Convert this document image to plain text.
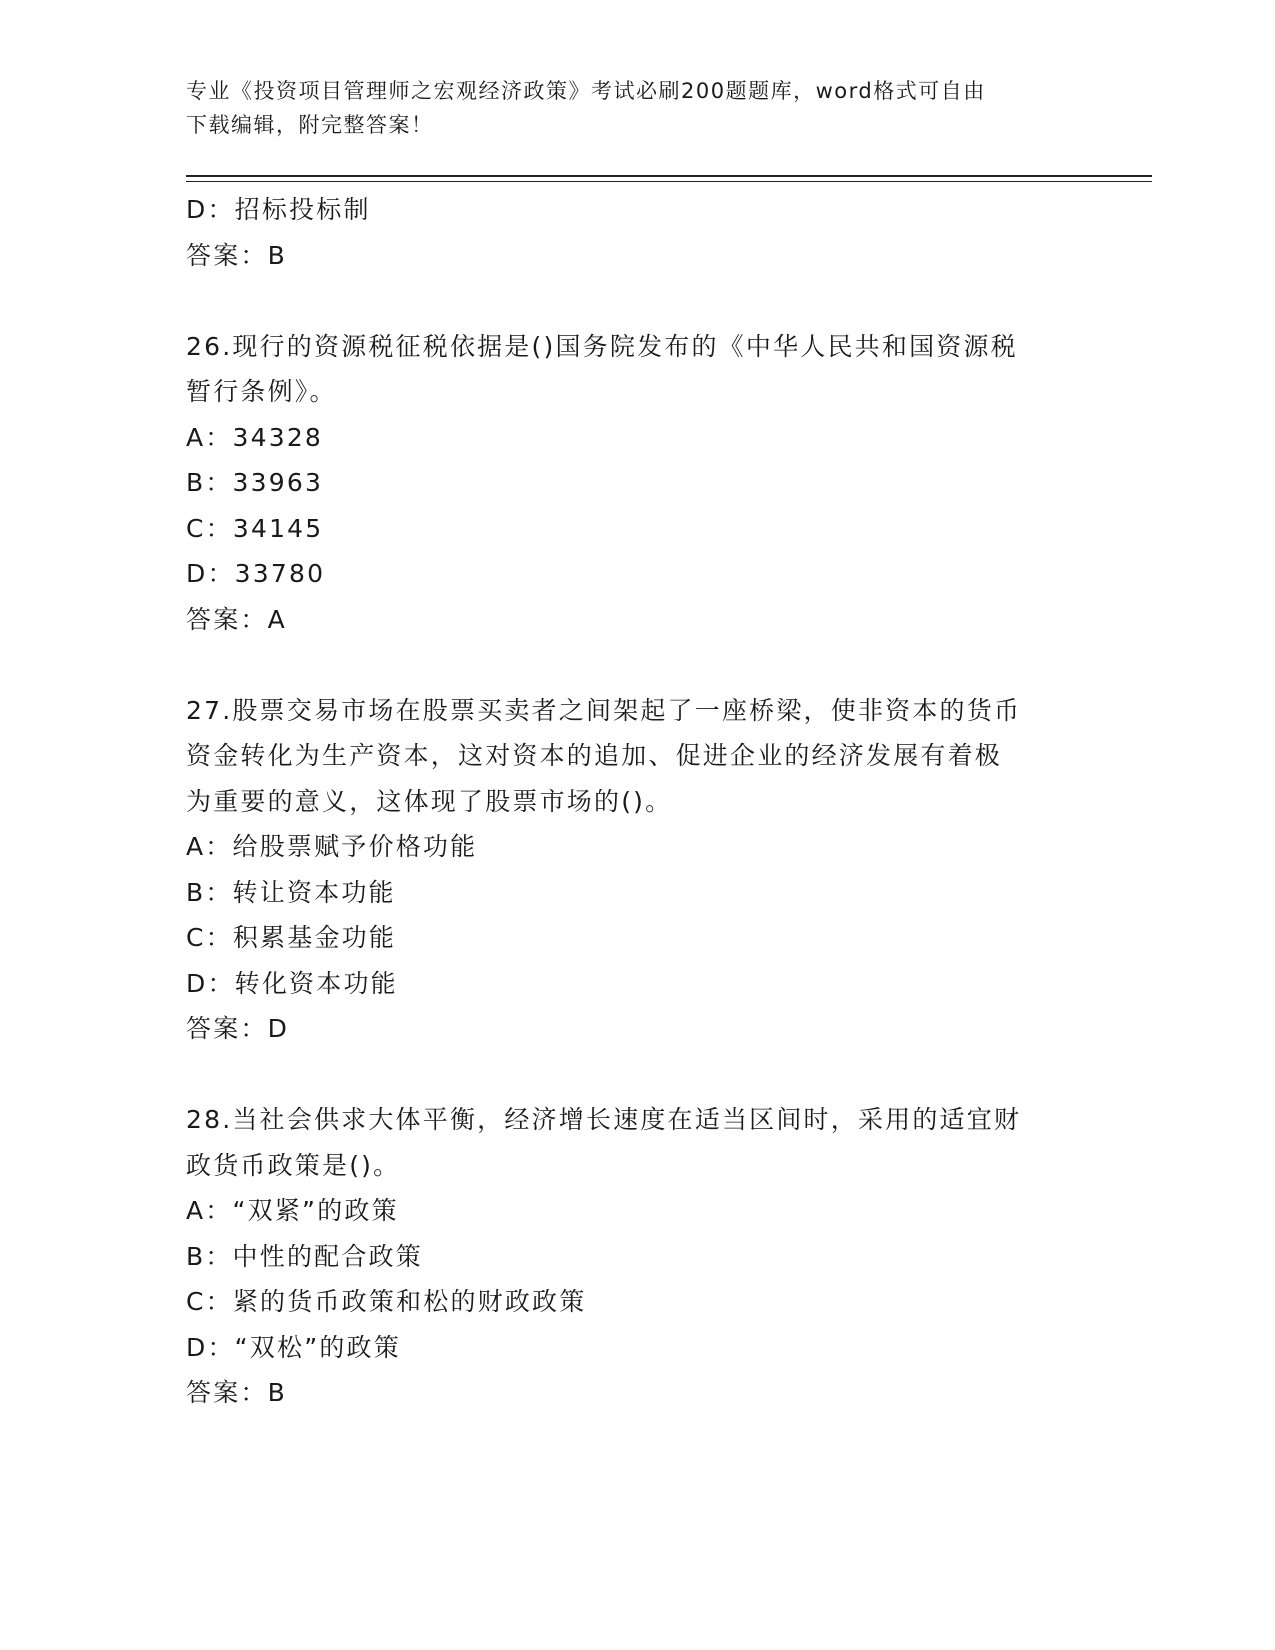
专业《投资项目管理师之宏观经济政策》考试必刷200题题库，word格式可自由
下载编辑，附完整答案！
D：招标投标制
答案：B
26.现行的资源税征税依据是()国务院发布的《中华人民共和国资源税
暂行条例》。
A：34328
B：33963
C：34145
D：33780
答案：A
27.股票交易市场在股票买卖者之间架起了一座桥梁，使非资本的货币
资金转化为生产资本，这对资本的追加、促进企业的经济发展有着极
为重要的意义，这体现了股票市场的()。
A：给股票赋予价格功能
B：转让资本功能
C：积累基金功能
D：转化资本功能
答案：D
28.当社会供求大体平衡，经济增长速度在适当区间时，采用的适宜财
政货币政策是()。
A：“双紧”的政策
B：中性的配合政策
C：紧的货币政策和松的财政政策
D：“双松”的政策
答案：B
